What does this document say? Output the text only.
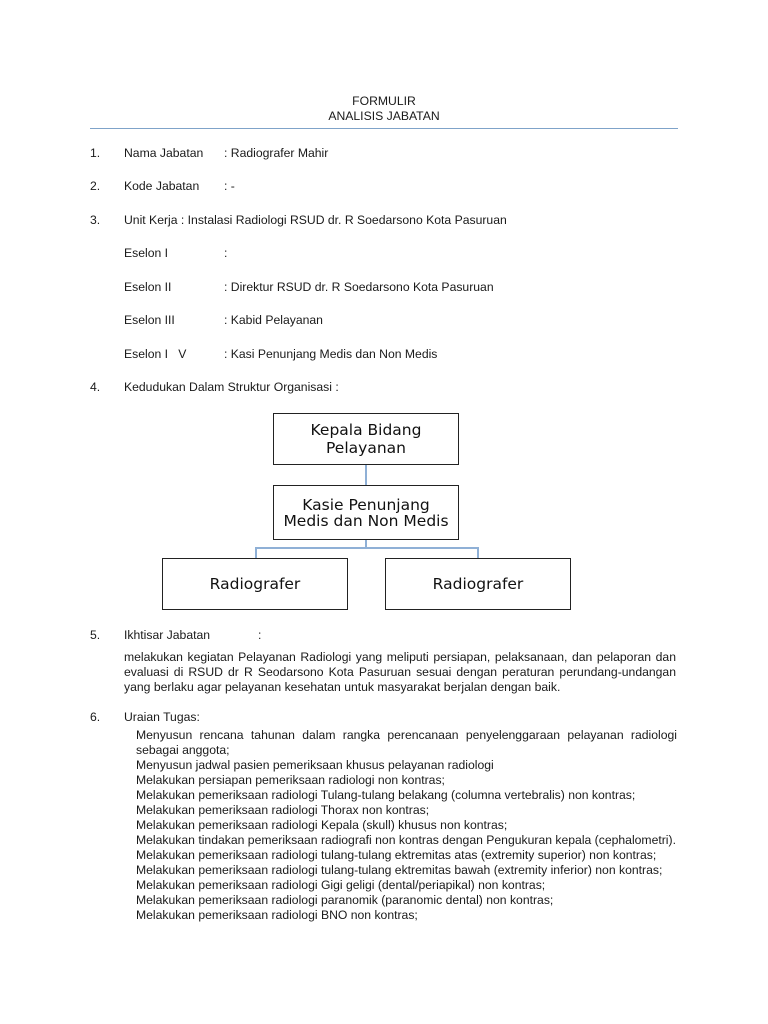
FORMULIR
ANALISIS JABATAN
1. Nama Jabatan : Radiografer Mahir
2. Kode Jabatan : -
3. Unit Kerja : Instalasi Radiologi RSUD dr. R Soedarsono Kota Pasuruan
Eselon I	:
Eselon II	: Direktur RSUD dr. R Soedarsono Kota Pasuruan
Eselon III	: Kabid Pelayanan
Eselon I   V	: Kasi Penunjang Medis dan Non Medis
4. Kedudukan Dalam Struktur Organisasi :
Kepala Bidang Pelayanan
Kasie Penunjang Medis dan Non Medis
Radiografer	Radiografer
5. Ikhtisar Jabatan	:
melakukan kegiatan Pelayanan Radiologi yang meliputi persiapan, pelaksanaan, dan pelaporan dan evaluasi di RSUD dr R Seodarsono Kota Pasuruan sesuai dengan peraturan perundang-undangan yang berlaku agar pelayanan kesehatan untuk masyarakat berjalan dengan baik.
6. Uraian Tugas:
Menyusun rencana tahunan dalam rangka perencanaan penyelenggaraan pelayanan radiologi sebagai anggota;
Menyusun jadwal pasien pemeriksaan khusus pelayanan radiologi
Melakukan persiapan pemeriksaan radiologi non kontras;
Melakukan pemeriksaan radiologi Tulang-tulang belakang (columna vertebralis) non kontras;
Melakukan pemeriksaan radiologi Thorax non kontras;
Melakukan pemeriksaan radiologi Kepala (skull) khusus non kontras;
Melakukan tindakan pemeriksaan radiografi non kontras dengan Pengukuran kepala (cephalometri).
Melakukan pemeriksaan radiologi tulang-tulang ektremitas atas (extremity superior) non kontras;
Melakukan pemeriksaan radiologi tulang-tulang ektremitas bawah (extremity inferior) non kontras;
Melakukan pemeriksaan radiologi Gigi geligi (dental/periapikal) non kontras;
Melakukan pemeriksaan radiologi paranomik (paranomic dental) non kontras;
Melakukan pemeriksaan radiologi BNO non kontras;
